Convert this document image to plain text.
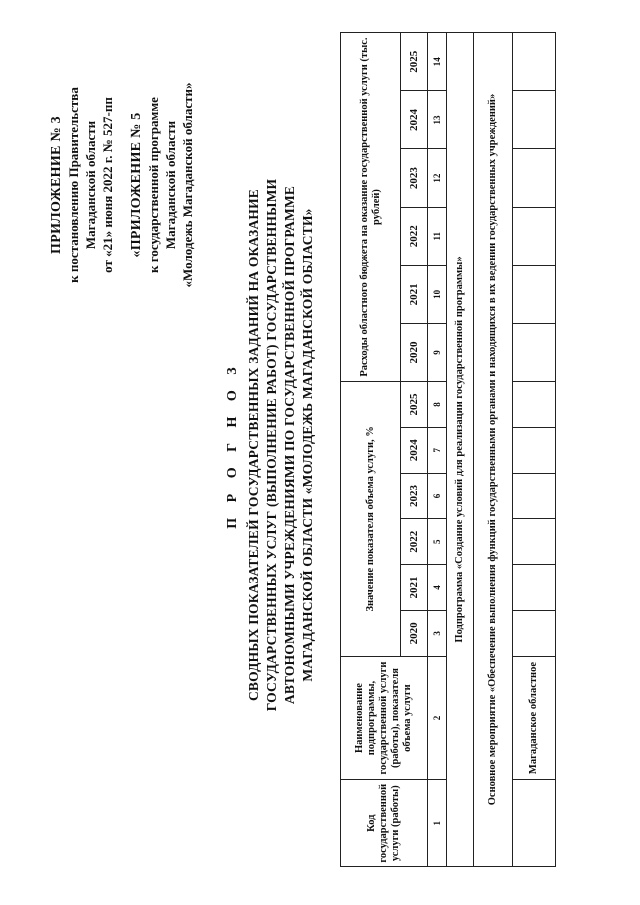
ПРИЛОЖЕНИЕ № 3 к постановлению Правительства Магаданской области от «21» июня 2022 г. № 527-пп «ПРИЛОЖЕНИЕ № 5 к государственной программе Магаданской области «Молодежь Магаданской области»
П Р О Г Н О З СВОДНЫХ ПОКАЗАТЕЛЕЙ ГОСУДАРСТВЕННЫХ ЗАДАНИЙ НА ОКАЗАНИЕ ГОСУДАРСТВЕННЫХ УСЛУГ (ВЫПОЛНЕНИЕ РАБОТ) ГОСУДАРСТВЕННЫМИ АВТОНОМНЫМИ УЧРЕЖДЕНИЯМИ ПО ГОСУДАРСТВЕННОЙ ПРОГРАММЕ МАГАДАНСКОЙ ОБЛАСТИ «МОЛОДЕЖЬ МАГАДАНСКОЙ ОБЛАСТИ»
Код государственной услуги (работы)	Наименование подпрограммы, государственной услуги (работы), показателя объема услуги	Значение показателя объема услуги, %						Расходы областного бюджета на оказание государственной услуги (тыс. рублей)					
		2020	2021	2022	2023	2024	2025	2020	2021	2022	2023	2024	2025
1	2	3	4	5	6	7	8	9	10	11	12	13	14
Подпрограмма «Создание условий для реализации государственной программы»													
Основное мероприятие «Обеспечение выполнения функций государственными органами и находящихся в их ведении государственных учреждений»													
	Магаданское областное												
